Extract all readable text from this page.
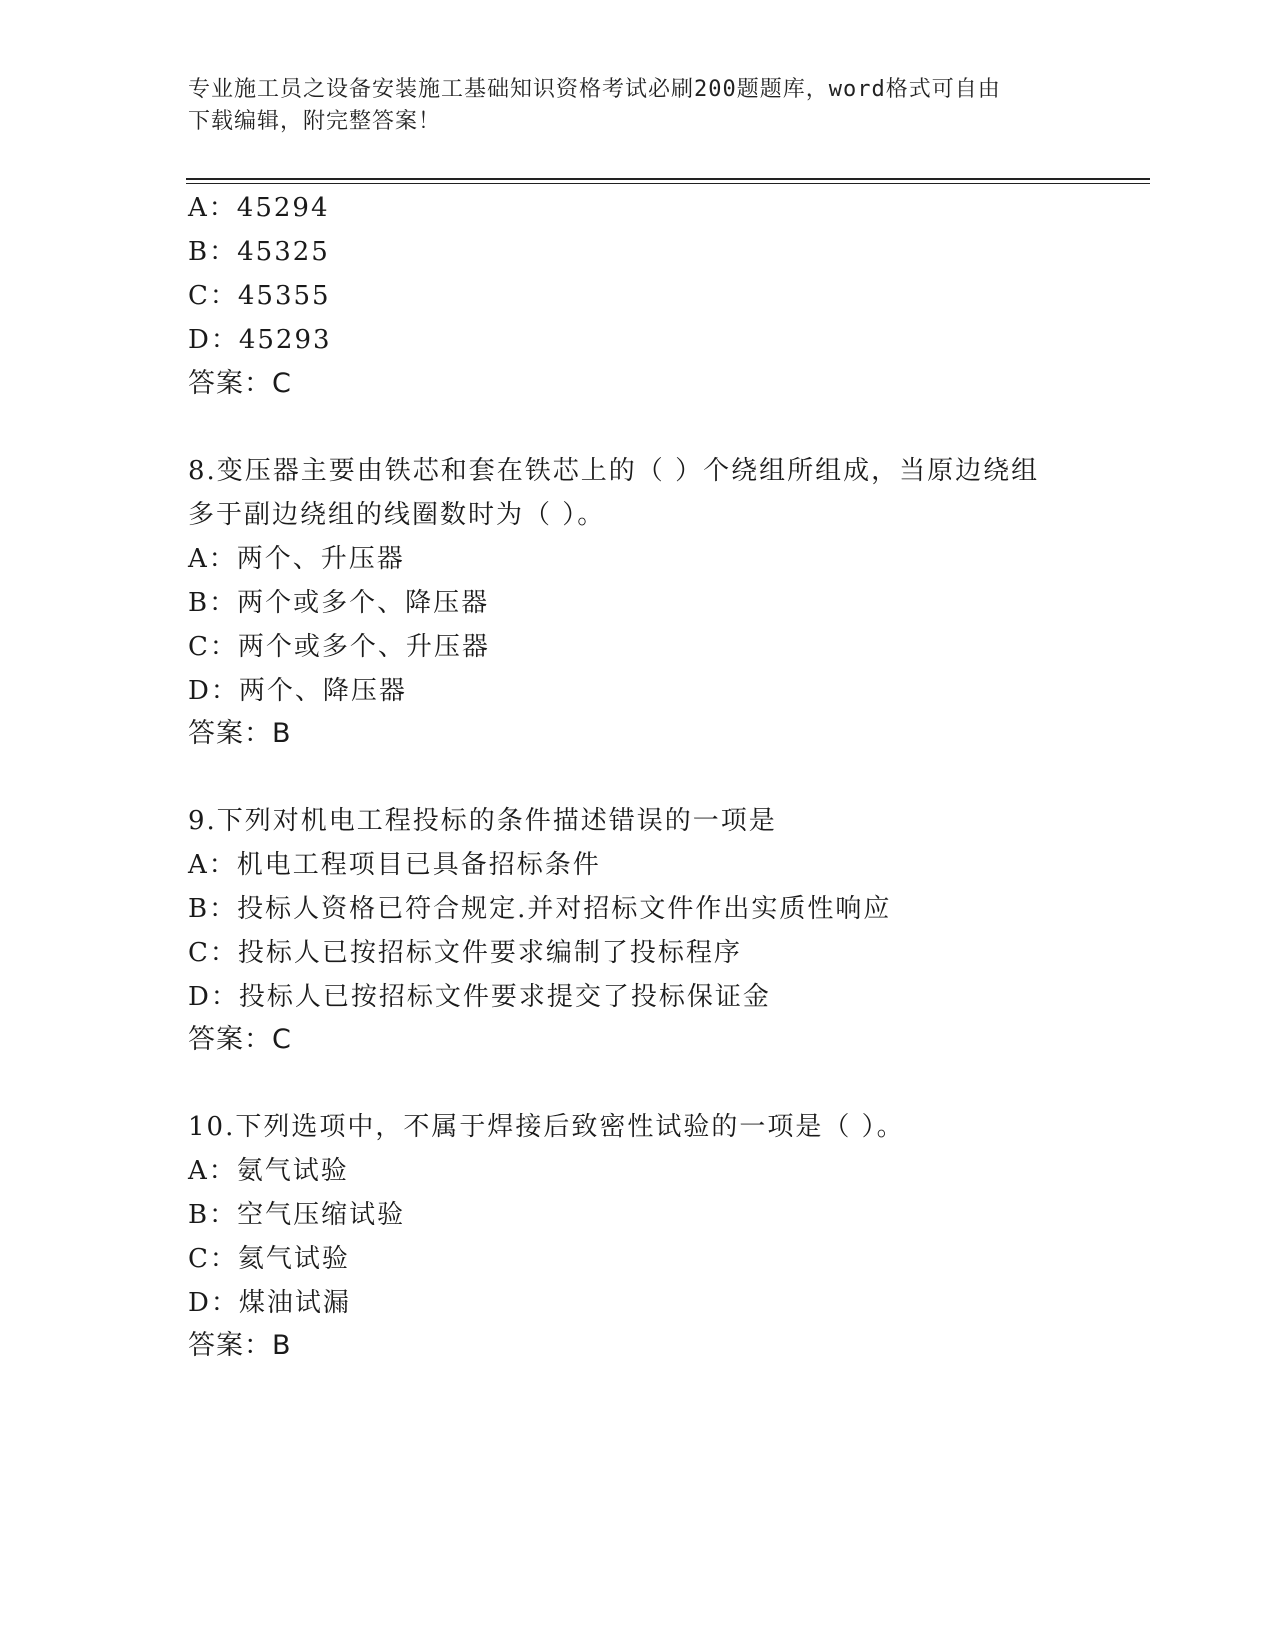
专业施工员之设备安装施工基础知识资格考试必刷200题题库，word格式可自由
下载编辑，附完整答案！
A：45294
B：45325
C：45355
D：45293
答案：C
8.变压器主要由铁芯和套在铁芯上的（ ）个绕组所组成，当原边绕组
多于副边绕组的线圈数时为（ ）。
A：两个、升压器
B：两个或多个、降压器
C：两个或多个、升压器
D：两个、降压器
答案：B
9.下列对机电工程投标的条件描述错误的一项是
A：机电工程项目已具备招标条件
B：投标人资格已符合规定.并对招标文件作出实质性响应
C：投标人已按招标文件要求编制了投标程序
D：投标人已按招标文件要求提交了投标保证金
答案：C
10.下列选项中，不属于焊接后致密性试验的一项是（ ）。
A：氨气试验
B：空气压缩试验
C：氦气试验
D：煤油试漏
答案：B
